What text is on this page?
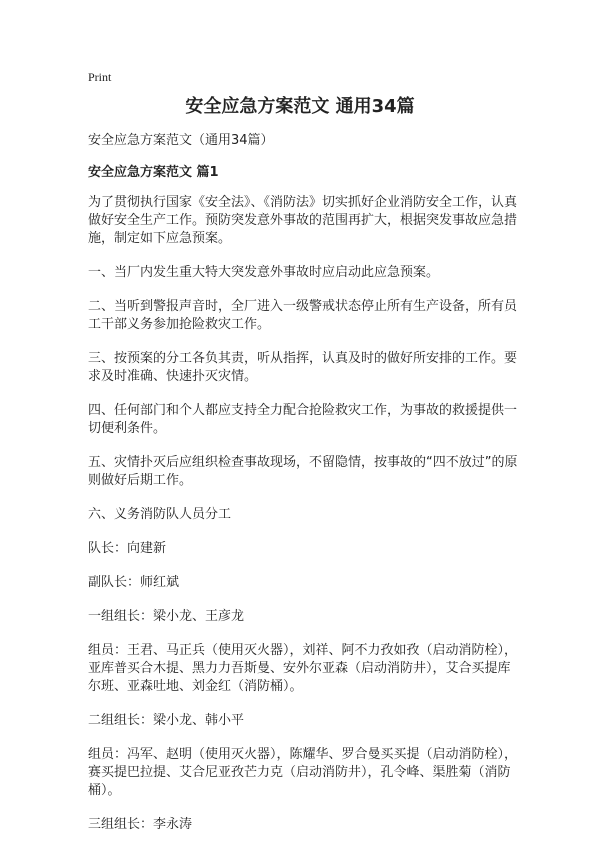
Print
安全应急方案范文 通用34篇

安全应急方案范文（通用34篇）

安全应急方案范文 篇1

为了贯彻执行国家《安全法》、《消防法》切实抓好企业消防安全工作，认真做好安全生产工作。预防突发意外事故的范围再扩大，根据突发事故应急措施，制定如下应急预案。

一、当厂内发生重大特大突发意外事故时应启动此应急预案。

二、当听到警报声音时，全厂进入一级警戒状态停止所有生产设备，所有员工干部义务参加抢险救灾工作。

三、按预案的分工各负其责，听从指挥，认真及时的做好所安排的工作。要求及时准确、快速扑灭灾情。

四、任何部门和个人都应支持全力配合抢险救灾工作，为事故的救援提供一切便利条件。

五、灾情扑灭后应组织检查事故现场，不留隐情，按事故的“四不放过”的原则做好后期工作。

六、义务消防队人员分工

队长：向建新

副队长：师红斌

一组组长：梁小龙、王彦龙

组员：王君、马正兵（使用灭火器），刘祥、阿不力孜如孜（启动消防栓），亚库普买合木提、黑力力吾斯曼、安外尔亚森（启动消防井），艾合买提库尔班、亚森吐地、刘金红（消防桶）。

二组组长：梁小龙、韩小平

组员：冯军、赵明（使用灭火器），陈耀华、罗合曼买买提（启动消防栓），赛买提巴拉提、艾合尼亚孜芒力克（启动消防井），孔令峰、渠胜菊（消防桶）。

三组组长：李永涛
